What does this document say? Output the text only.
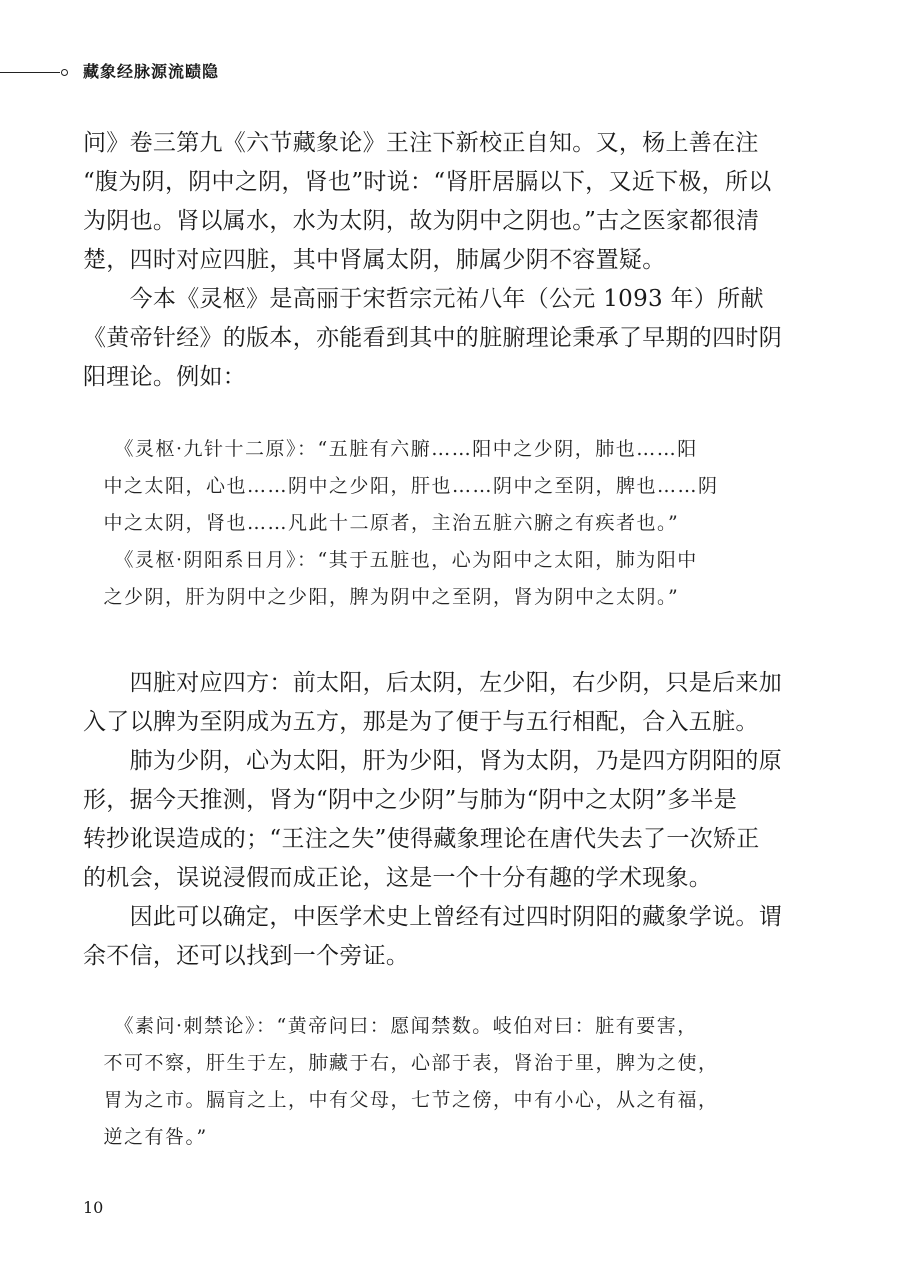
藏象经脉源流赜隐
问》卷三第九《六节藏象论》王注下新校正自知。又，杨上善在注
“腹为阴，阴中之阴，肾也”时说：“肾肝居膈以下，又近下极，所以
为阴也。肾以属水，水为太阴，故为阴中之阴也。”古之医家都很清
楚，四时对应四脏，其中肾属太阴，肺属少阴不容置疑。
　　今本《灵枢》是高丽于宋哲宗元祐八年（公元 1093 年）所献
《黄帝针经》的版本，亦能看到其中的脏腑理论秉承了早期的四时阴
阳理论。例如：
　　《灵枢·九针十二原》：“五脏有六腑……阳中之少阴，肺也……阳
　中之太阳，心也……阴中之少阳，肝也……阴中之至阴，脾也……阴
　中之太阴，肾也……凡此十二原者，主治五脏六腑之有疾者也。”
　　《灵枢·阴阳系日月》：“其于五脏也，心为阳中之太阳，肺为阳中
　之少阴，肝为阴中之少阳，脾为阴中之至阴，肾为阴中之太阴。”
　　四脏对应四方：前太阳，后太阴，左少阳，右少阴，只是后来加
入了以脾为至阴成为五方，那是为了便于与五行相配，合入五脏。
　　肺为少阴，心为太阳，肝为少阳，肾为太阴，乃是四方阴阳的原
形，据今天推测，肾为“阴中之少阴”与肺为“阴中之太阴”多半是
转抄讹误造成的；“王注之失”使得藏象理论在唐代失去了一次矫正
的机会，误说浸假而成正论，这是一个十分有趣的学术现象。
　　因此可以确定，中医学术史上曾经有过四时阴阳的藏象学说。谓
余不信，还可以找到一个旁证。
　　《素问·刺禁论》：“黄帝问曰：愿闻禁数。岐伯对曰：脏有要害，
　不可不察，肝生于左，肺藏于右，心部于表，肾治于里，脾为之使，
　胃为之市。膈肓之上，中有父母，七节之傍，中有小心，从之有福，
　逆之有咎。”
10
